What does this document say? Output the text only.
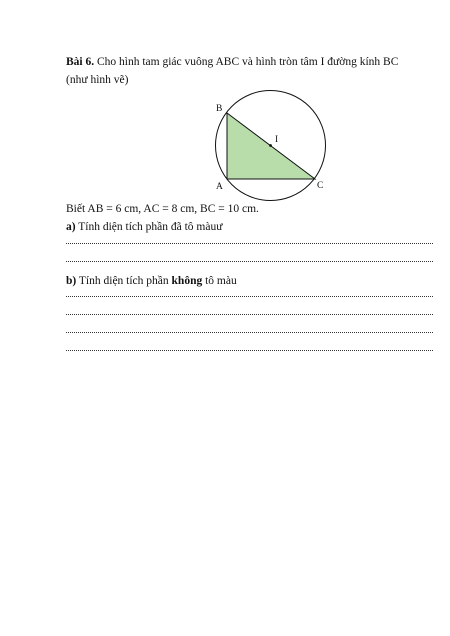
Bài 6. Cho hình tam giác vuông ABC và hình tròn tâm I đường kính BC
(như hình vẽ)
B
I
A	C
Biết AB = 6 cm, AC = 8 cm, BC = 10 cm.
a) Tính diện tích phần đã tô màuư
b) Tính diện tích phần không tô màu
